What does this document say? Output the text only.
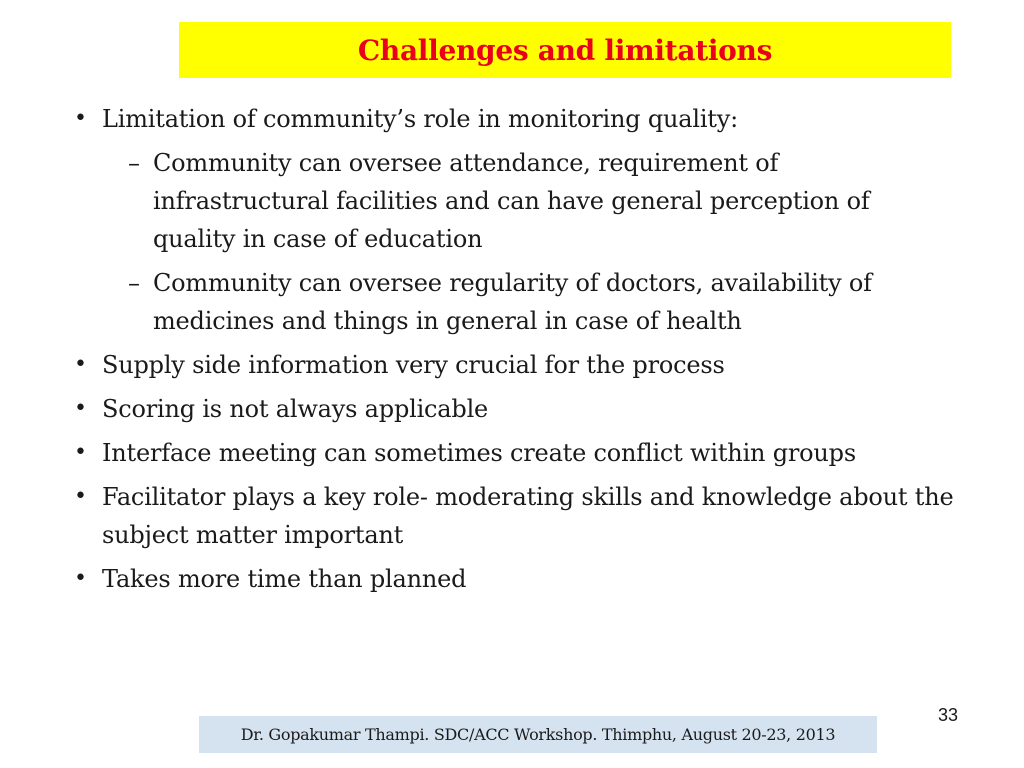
Challenges and limitations
• Limitation of community’s role in monitoring quality:
– Community can oversee attendance, requirement of infrastructural facilities and can have general perception of quality in case of education
– Community can oversee regularity of doctors, availability of medicines and things in general in case of health
• Supply side information very crucial for the process
• Scoring is not always applicable
• Interface meeting can sometimes create conflict within groups
• Facilitator plays a key role- moderating skills and knowledge about the subject matter important
• Takes more time than planned
33
Dr. Gopakumar Thampi. SDC/ACC Workshop. Thimphu, August 20-23, 2013
